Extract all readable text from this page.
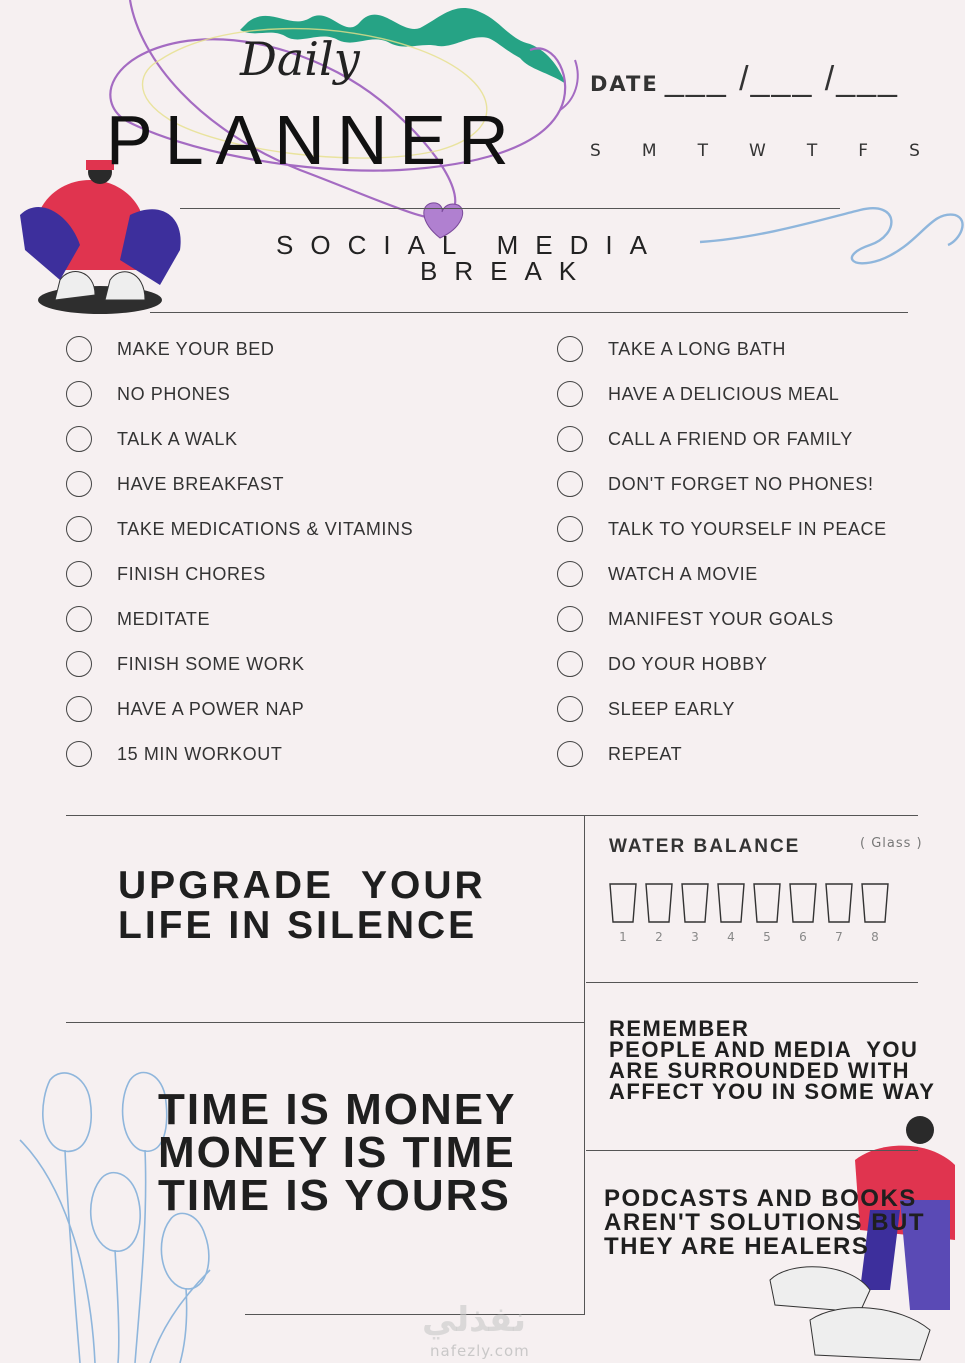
Daily
PLANNER
DATE ___ /___ /___
S M T W T F S
SOCIAL MEDIA
BREAK
MAKE YOUR BED
NO PHONES
TALK A WALK
HAVE BREAKFAST
TAKE MEDICATIONS & VITAMINS
FINISH CHORES
MEDITATE
FINISH SOME WORK
HAVE A POWER NAP
15 MIN WORKOUT
TAKE A LONG BATH
HAVE A DELICIOUS MEAL
CALL A FRIEND OR FAMILY
DON'T FORGET NO PHONES!
TALK TO YOURSELF IN PEACE
WATCH A MOVIE
MANIFEST YOUR GOALS
DO YOUR HOBBY
SLEEP EARLY
REPEAT
UPGRADE  YOUR
LIFE IN SILENCE
TIME IS MONEY
MONEY IS TIME
TIME IS YOURS
REMEMBER
PEOPLE AND MEDIA  YOU
ARE SURROUNDED WITH
AFFECT YOU IN SOME WAY
PODCASTS AND BOOKS
AREN'T SOLUTIONS BUT
THEY ARE HEALERS
WATER BALANCE	( Glass )
1 2 3 4 5 6 7 8
نفذلي
nafezly.com
